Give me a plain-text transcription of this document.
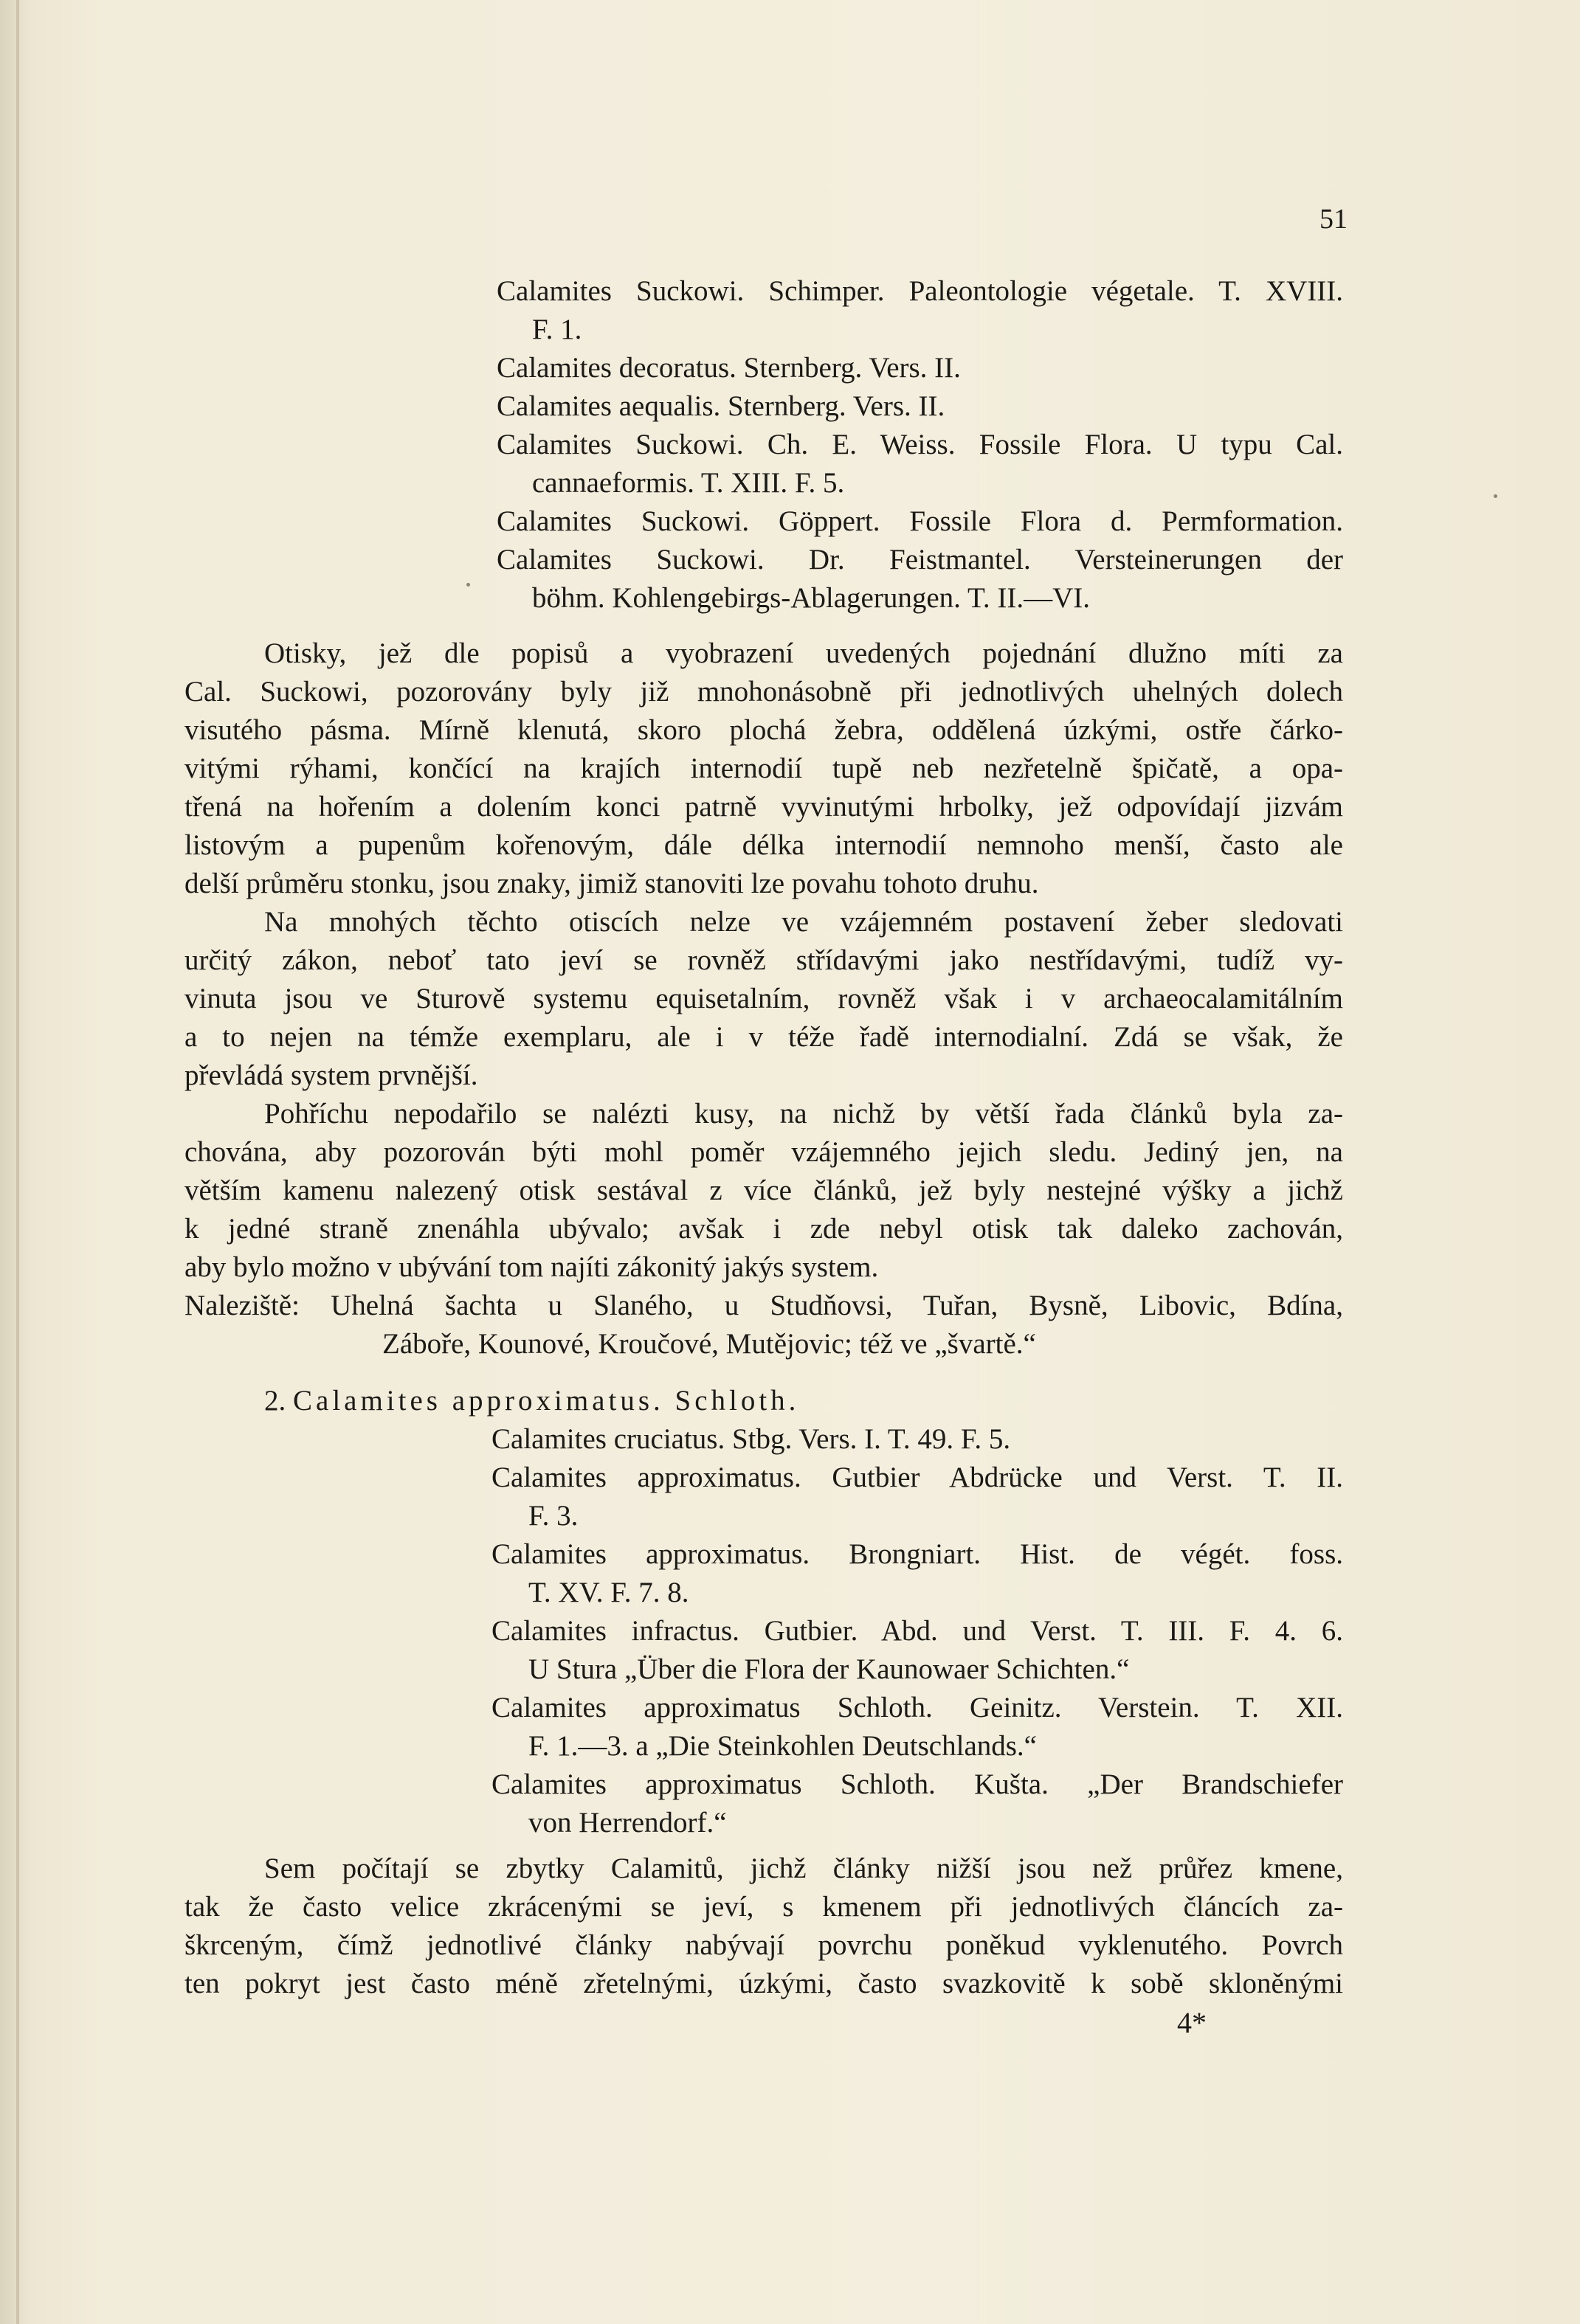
51
Calamites Suckowi. Schimper. Paleontologie végetale. T. XVIII.
F. 1.
Calamites decoratus. Sternberg. Vers. II.
Calamites aequalis. Sternberg. Vers. II.
Calamites Suckowi. Ch. E. Weiss. Fossile Flora. U typu Cal.
cannaeformis. T. XIII. F. 5.
Calamites Suckowi. Göppert. Fossile Flora d. Permformation.
Calamites Suckowi. Dr. Feistmantel. Versteinerungen der
böhm. Kohlengebirgs-Ablagerungen. T. II.—VI.
Otisky, jež dle popisů a vyobrazení uvedených pojednání dlužno míti za
Cal. Suckowi, pozorovány byly již mnohonásobně při jednotlivých uhelných dolech
visutého pásma. Mírně klenutá, skoro plochá žebra, oddělená úzkými, ostře čárko-
vitými rýhami, končící na krajích internodií tupě neb nezřetelně špičatě, a opa-
třená na hořením a dolením konci patrně vyvinutými hrbolky, jež odpovídají jizvám
listovým a pupenům kořenovým, dále délka internodií nemnoho menší, často ale
delší průměru stonku, jsou znaky, jimiž stanoviti lze povahu tohoto druhu.
Na mnohých těchto otiscích nelze ve vzájemném postavení žeber sledovati
určitý zákon, neboť tato jeví se rovněž střídavými jako nestřídavými, tudíž vy-
vinuta jsou ve Sturově systemu equisetalním, rovněž však i v archaeocalamitálním
a to nejen na témže exemplaru, ale i v téže řadě internodialní. Zdá se však, že
převládá system prvnější.
Pohříchu nepodařilo se nalézti kusy, na nichž by větší řada článků byla za-
chována, aby pozorován býti mohl poměr vzájemného jejich sledu. Jediný jen, na
větším kamenu nalezený otisk sestával z více článků, jež byly nestejné výšky a jichž
k jedné straně znenáhla ubývalo; avšak i zde nebyl otisk tak daleko zachován,
aby bylo možno v ubývání tom najíti zákonitý jakýs system.
Naleziště: Uhelná šachta u Slaného, u Studňovsi, Tuřan, Bysně, Libovic, Bdína,
Záboře, Kounové, Kroučové, Mutějovic; též ve „švartě.“
2. Calamites approximatus. Schloth.
Calamites cruciatus. Stbg. Vers. I. T. 49. F. 5.
Calamites approximatus. Gutbier Abdrücke und Verst. T. II.
F. 3.
Calamites approximatus. Brongniart. Hist. de végét. foss.
T. XV. F. 7. 8.
Calamites infractus. Gutbier. Abd. und Verst. T. III. F. 4. 6.
U Stura „Über die Flora der Kaunowaer Schichten.“
Calamites approximatus Schloth. Geinitz. Verstein. T. XII.
F. 1.—3. a „Die Steinkohlen Deutschlands.“
Calamites approximatus Schloth. Kušta. „Der Brandschiefer
von Herrendorf.“
Sem počítají se zbytky Calamitů, jichž články nižší jsou než průřez kmene,
tak že často velice zkrácenými se jeví, s kmenem při jednotlivých článcích za-
škrceným, čímž jednotlivé články nabývají povrchu poněkud vyklenutého. Povrch
ten pokryt jest často méně zřetelnými, úzkými, často svazkovitě k sobě skloněnými
4*
